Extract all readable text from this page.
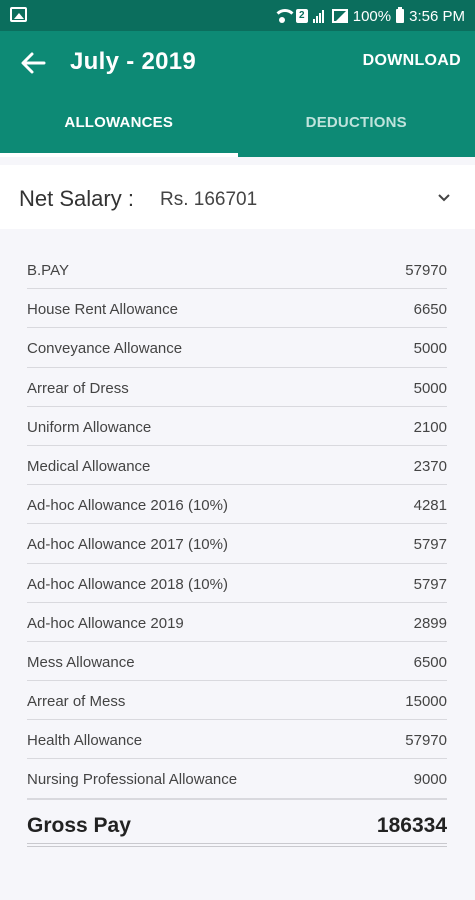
2	100% 3:56 PM
July - 2019	DOWNLOAD
ALLOWANCES	DEDUCTIONS
Net Salary : Rs. 166701
B.PAY	57970
House Rent Allowance	6650
Conveyance Allowance	5000
Arrear of Dress	5000
Uniform Allowance	2100
Medical Allowance	2370
Ad-hoc Allowance 2016 (10%)	4281
Ad-hoc Allowance 2017 (10%)	5797
Ad-hoc Allowance 2018 (10%)	5797
Ad-hoc Allowance 2019	2899
Mess Allowance	6500
Arrear of Mess	15000
Health Allowance	57970
Nursing Professional Allowance	9000
Gross Pay	186334
